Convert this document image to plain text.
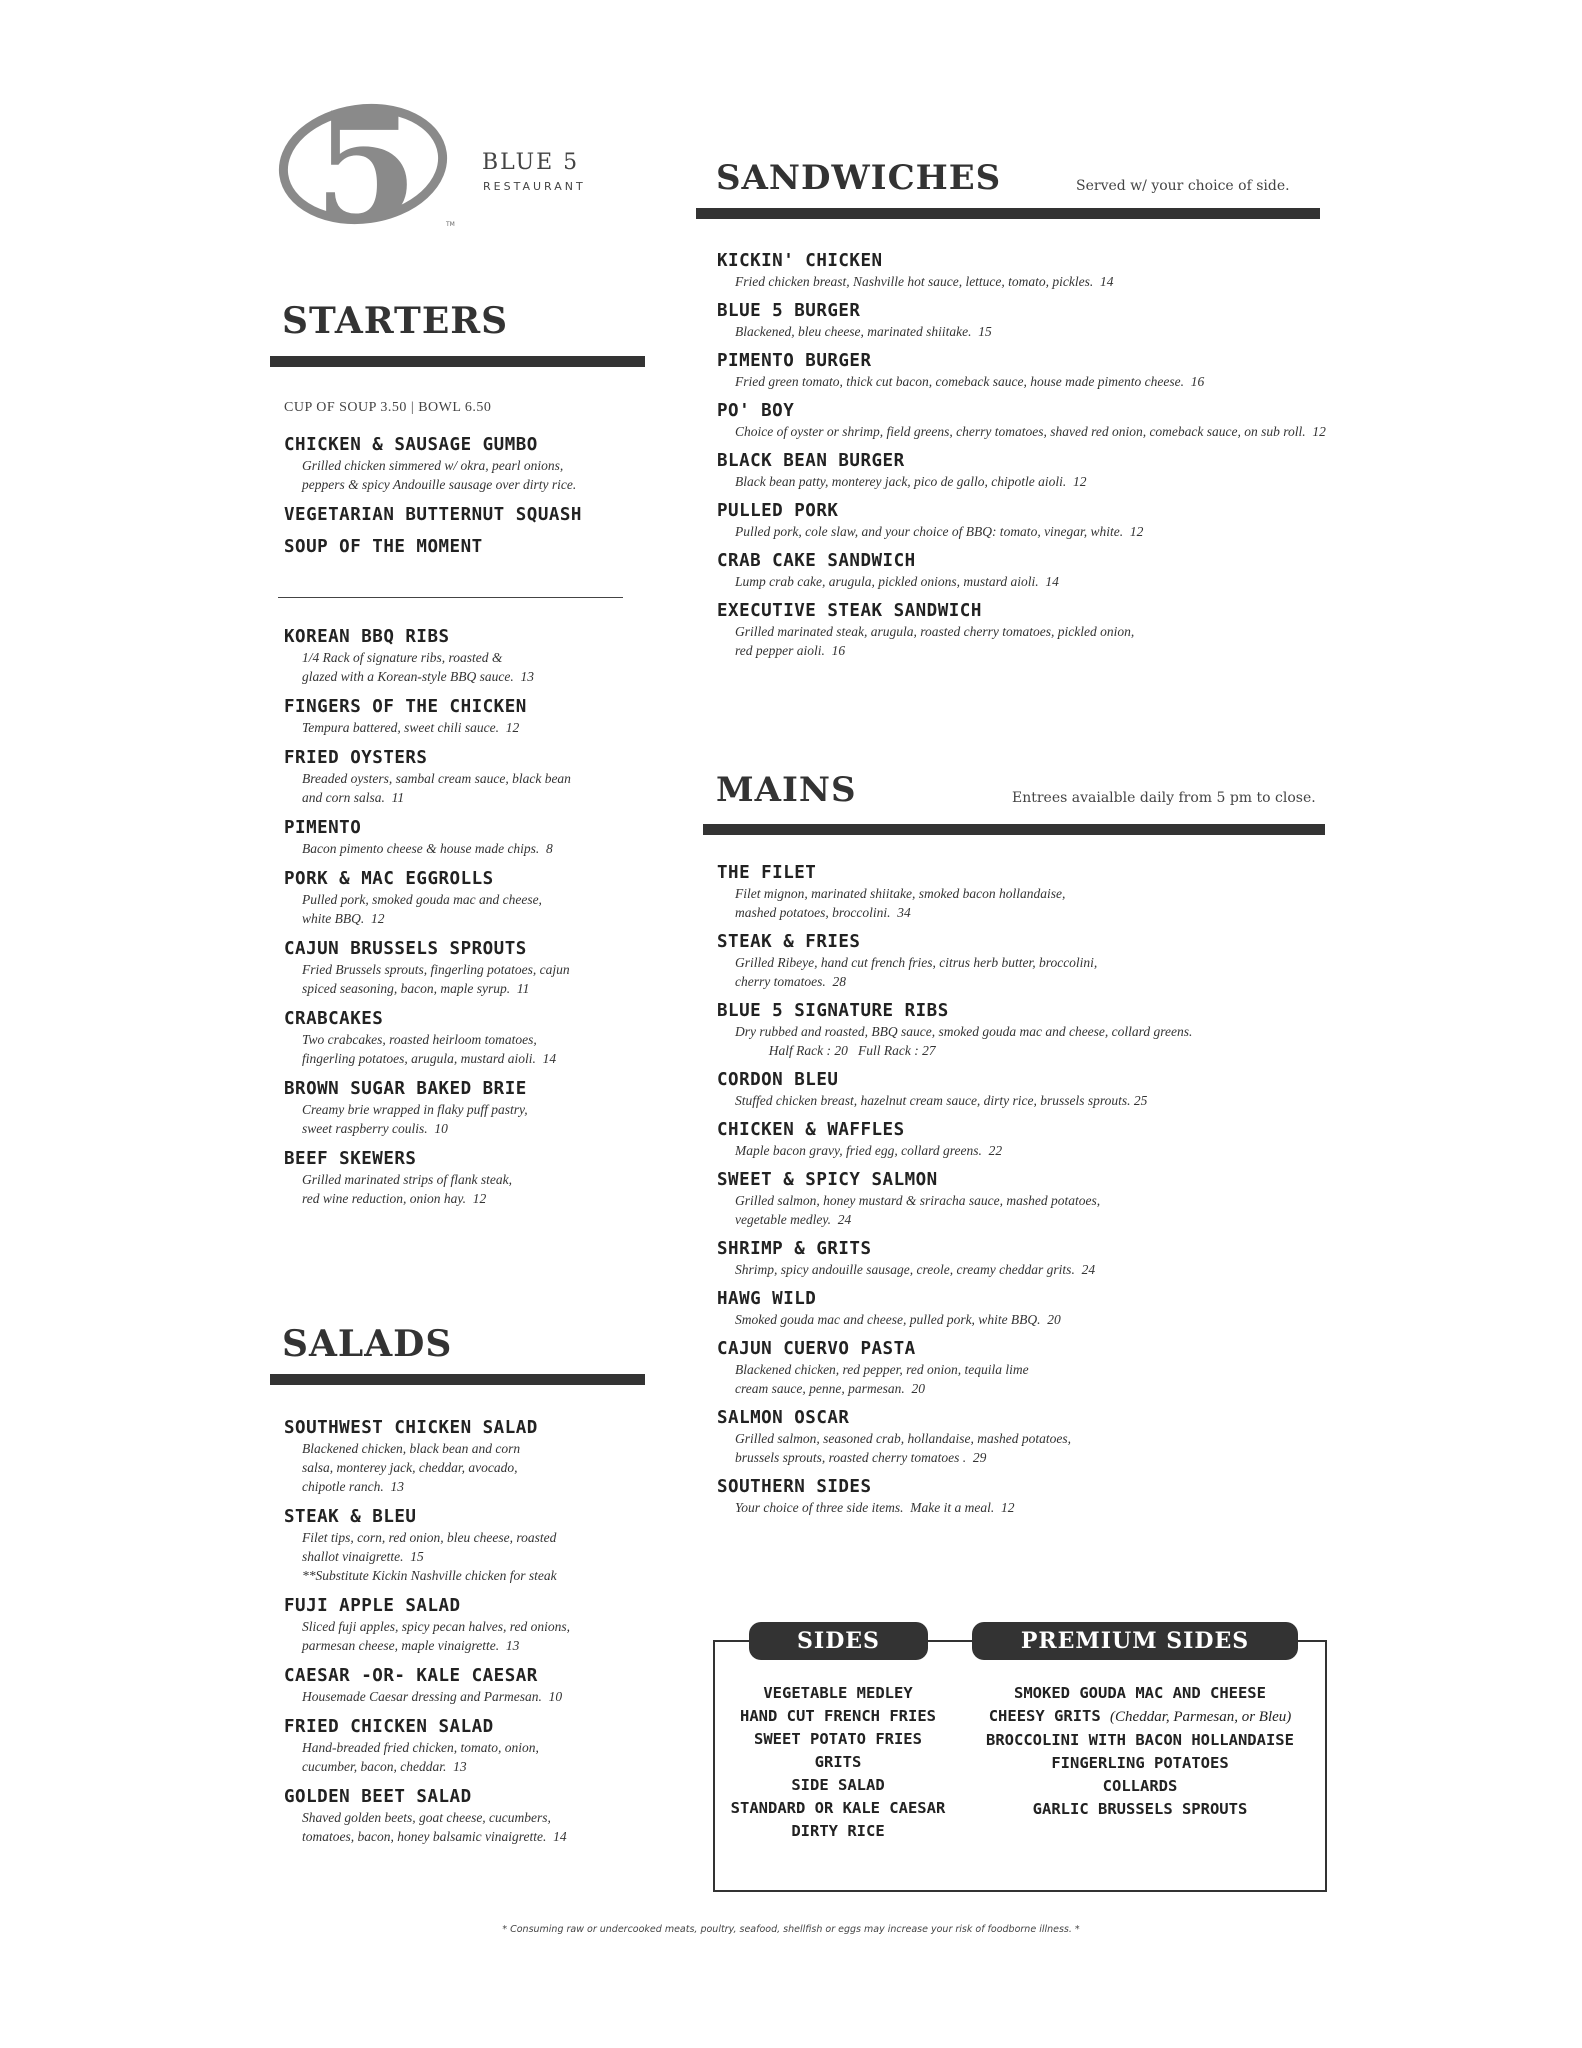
5	TM
BLUE 5
RESTAURANT
STARTERS
CUP OF SOUP 3.50 | BOWL 6.50
CHICKEN & SAUSAGE GUMBO
Grilled chicken simmered w/ okra, pearl onions,
peppers & spicy Andouille sausage over dirty rice.
VEGETARIAN BUTTERNUT SQUASH
SOUP OF THE MOMENT
KOREAN BBQ RIBS
1/4 Rack of signature ribs, roasted &
glazed with a Korean-style BBQ sauce.  13
FINGERS OF THE CHICKEN
Tempura battered, sweet chili sauce.  12
FRIED OYSTERS
Breaded oysters, sambal cream sauce, black bean
and corn salsa.  11
PIMENTO
Bacon pimento cheese & house made chips.  8
PORK & MAC EGGROLLS
Pulled pork, smoked gouda mac and cheese,
white BBQ.  12
CAJUN BRUSSELS SPROUTS
Fried Brussels sprouts, fingerling potatoes, cajun
spiced seasoning, bacon, maple syrup.  11
CRABCAKES
Two crabcakes, roasted heirloom tomatoes,
fingerling potatoes, arugula, mustard aioli.  14
BROWN SUGAR BAKED BRIE
Creamy brie wrapped in flaky puff pastry,
sweet raspberry coulis.  10
BEEF SKEWERS
Grilled marinated strips of flank steak,
red wine reduction, onion hay.  12
SALADS
SOUTHWEST CHICKEN SALAD
Blackened chicken, black bean and corn
salsa, monterey jack, cheddar, avocado,
chipotle ranch.  13
STEAK & BLEU
Filet tips, corn, red onion, bleu cheese, roasted
shallot vinaigrette.  15
**Substitute Kickin Nashville chicken for steak
FUJI APPLE SALAD
Sliced fuji apples, spicy pecan halves, red onions,
parmesan cheese, maple vinaigrette.  13
CAESAR -OR- KALE CAESAR
Housemade Caesar dressing and Parmesan.  10
FRIED CHICKEN SALAD
Hand-breaded fried chicken, tomato, onion,
cucumber, bacon, cheddar.  13
GOLDEN BEET SALAD
Shaved golden beets, goat cheese, cucumbers,
tomatoes, bacon, honey balsamic vinaigrette.  14
SANDWICHES	Served w/ your choice of side.
KICKIN' CHICKEN
Fried chicken breast, Nashville hot sauce, lettuce, tomato, pickles.  14
BLUE 5 BURGER
Blackened, bleu cheese, marinated shiitake.  15
PIMENTO BURGER
Fried green tomato, thick cut bacon, comeback sauce, house made pimento cheese.  16
PO' BOY
Choice of oyster or shrimp, field greens, cherry tomatoes, shaved red onion, comeback sauce, on sub roll.  12
BLACK BEAN BURGER
Black bean patty, monterey jack, pico de gallo, chipotle aioli.  12
PULLED PORK
Pulled pork, cole slaw, and your choice of BBQ: tomato, vinegar, white.  12
CRAB CAKE SANDWICH
Lump crab cake, arugula, pickled onions, mustard aioli.  14
EXECUTIVE STEAK SANDWICH
Grilled marinated steak, arugula, roasted cherry tomatoes, pickled onion,
red pepper aioli.  16
MAINS	Entrees avaialble daily from 5 pm to close.
THE FILET
Filet mignon, marinated shiitake, smoked bacon hollandaise,
mashed potatoes, broccolini.  34
STEAK & FRIES
Grilled Ribeye, hand cut french fries, citrus herb butter, broccolini,
cherry tomatoes.  28
BLUE 5 SIGNATURE RIBS
Dry rubbed and roasted, BBQ sauce, smoked gouda mac and cheese, collard greens.
Half Rack : 20   Full Rack : 27
CORDON BLEU
Stuffed chicken breast, hazelnut cream sauce, dirty rice, brussels sprouts. 25
CHICKEN & WAFFLES
Maple bacon gravy, fried egg, collard greens.  22
SWEET & SPICY SALMON
Grilled salmon, honey mustard & sriracha sauce, mashed potatoes,
vegetable medley.  24
SHRIMP & GRITS
Shrimp, spicy andouille sausage, creole, creamy cheddar grits.  24
HAWG WILD
Smoked gouda mac and cheese, pulled pork, white BBQ.  20
CAJUN CUERVO PASTA
Blackened chicken, red pepper, red onion, tequila lime
cream sauce, penne, parmesan.  20
SALMON OSCAR
Grilled salmon, seasoned crab, hollandaise, mashed potatoes,
brussels sprouts, roasted cherry tomatoes .  29
SOUTHERN SIDES
Your choice of three side items.  Make it a meal.  12
SIDES	PREMIUM SIDES
VEGETABLE MEDLEY
HAND CUT FRENCH FRIES
SWEET POTATO FRIES
GRITS
SIDE SALAD
STANDARD OR KALE CAESAR
DIRTY RICE
SMOKED GOUDA MAC AND CHEESE
CHEESY GRITS (Cheddar, Parmesan, or Bleu)
BROCCOLINI WITH BACON HOLLANDAISE
FINGERLING POTATOES
COLLARDS
GARLIC BRUSSELS SPROUTS
* Consuming raw or undercooked meats, poultry, seafood, shellfish or eggs may increase your risk of foodborne illness. *
